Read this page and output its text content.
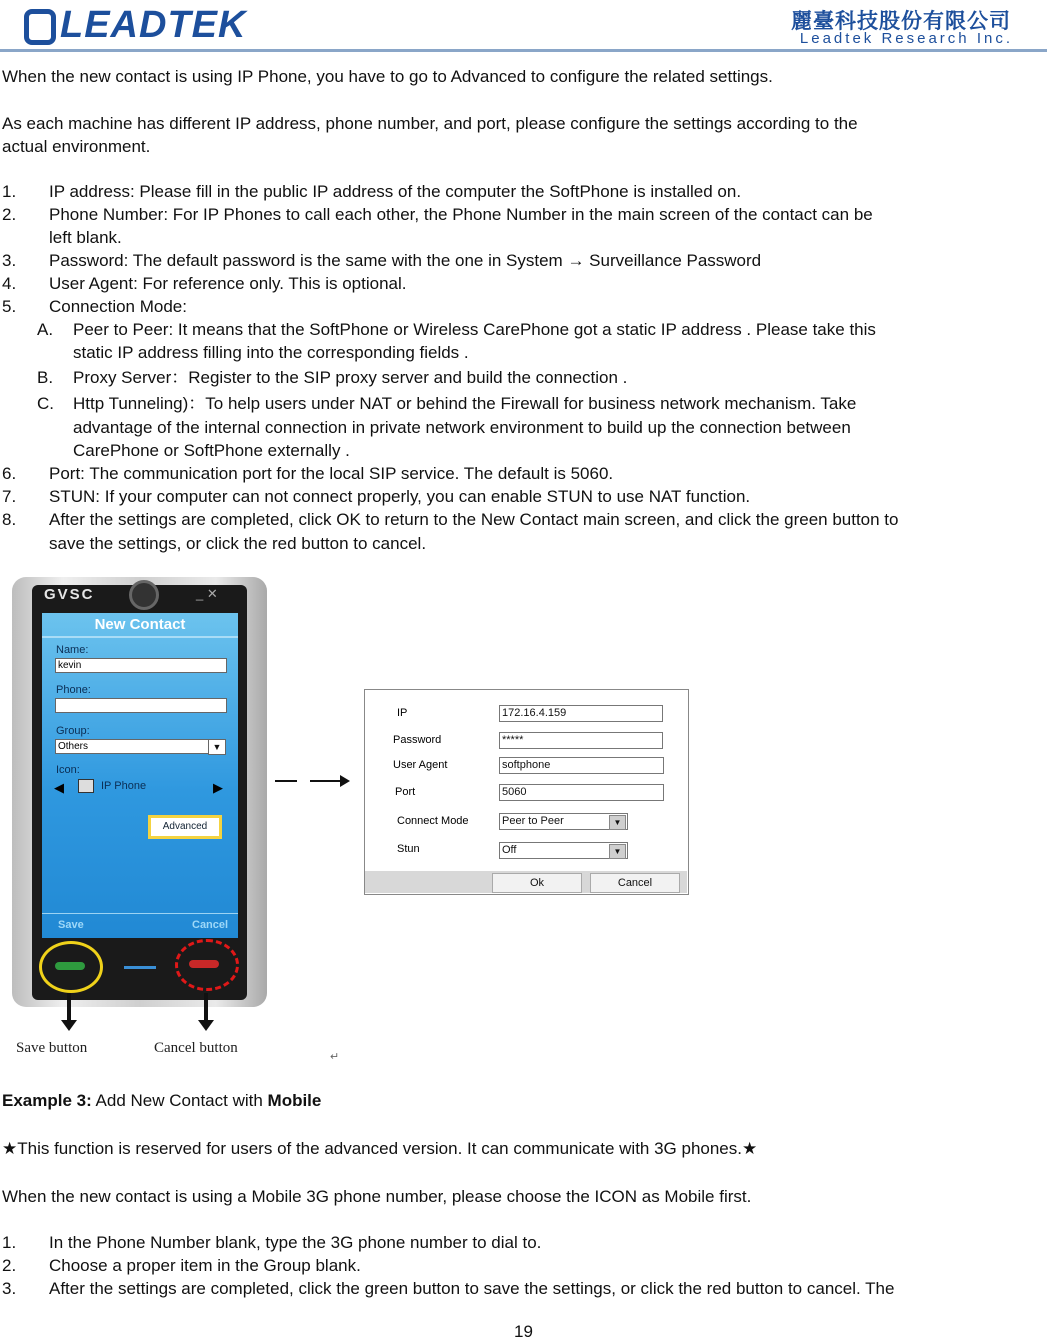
LEADTEK	麗臺科技股份有限公司
Leadtek Research Inc.
When the new contact is using IP Phone, you have to go to Advanced to configure the related settings.
As each machine has different IP address, phone number, and port, please configure the settings according to the
actual environment.
1. IP address: Please fill in the public IP address of the computer the SoftPhone is installed on.
2. Phone Number: For IP Phones to call each other, the Phone Number in the main screen of the contact can be
left blank.
3. Password: The default password is the same with the one in System → Surveillance Password
4. User Agent: For reference only. This is optional.
5. Connection Mode:
A. Peer to Peer: It means that the SoftPhone or Wireless CarePhone got a static IP address . Please take this
static IP address filling into the corresponding fields .
B. Proxy Server：Register to the SIP proxy server and build the connection .
C. Http Tunneling)：To help users under NAT or behind the Firewall for business network mechanism. Take
advantage of the internal connection in private network environment to build up the connection between
CarePhone or SoftPhone externally .
6. Port: The communication port for the local SIP service. The default is 5060.
7. STUN: If your computer can not connect properly, you can enable STUN to use NAT function.
8. After the settings are completed, click OK to return to the New Contact main screen, and click the green button to
save the settings, or click the red button to cancel.
GVSC	_ ✕
New Contact
Name:
kevin
Phone:
Group:
Others	▼
Icon:
◀	IP Phone	▶
Advanced
Save	Cancel
Save button	Cancel button
↵
IP	172.16.4.159
Password	*****
User Agent	softphone
Port	5060
Connect Mode	Peer to Peer	▼
Stun	Off	▼
Ok	Cancel
Example 3: Add New Contact with Mobile
★This function is reserved for users of the advanced version. It can communicate with 3G phones.★
When the new contact is using a Mobile 3G phone number, please choose the ICON as Mobile first.
1. In the Phone Number blank, type the 3G phone number to dial to.
2. Choose a proper item in the Group blank.
3. After the settings are completed, click the green button to save the settings, or click the red button to cancel. The
19
